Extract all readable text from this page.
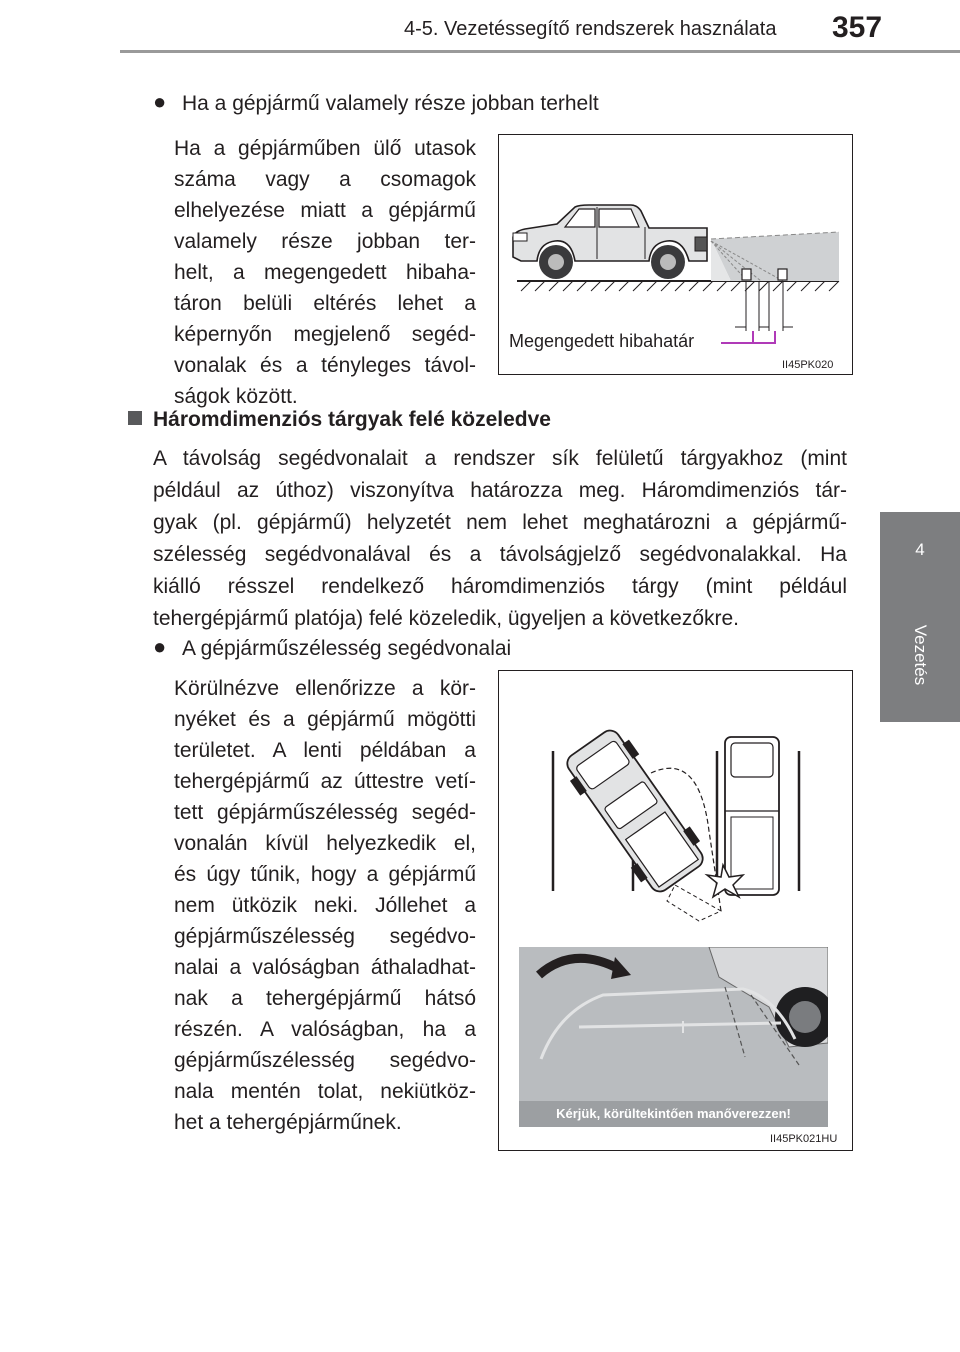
4-5. Vezetéssegítő rendszerek használata 357
4
Vezetés
● Ha a gépjármű valamely része jobban terhelt
Ha a gépjárműben ülő utasok
száma vagy a csomagok
elhelyezése miatt a gépjármű
valamely része jobban ter-
helt, a megengedett hibaha-
táron belüli eltérés lehet a
képernyőn megjelenő segéd-
vonalak és a tényleges távol-
ságok között.
Megengedett hibahatár
II45PK020
Háromdimenziós tárgyak felé közeledve
A távolság segédvonalait a rendszer sík felületű tárgyakhoz (mint
például az úthoz) viszonyítva határozza meg. Háromdimenziós tár-
gyak (pl. gépjármű) helyzetét nem lehet meghatározni a gépjármű-
szélesség segédvonalával és a távolságjelző segédvonalakkal. Ha
kiálló résszel rendelkező háromdimenziós tárgy (mint például
tehergépjármű platója) felé közeledik, ügyeljen a következőkre.
● A gépjárműszélesség segédvonalai
Körülnézve ellenőrizze a kör-
nyéket és a gépjármű mögötti
területet. A lenti példában a
tehergépjármű az úttestre vetí-
tett gépjárműszélesség segéd-
vonalán kívül helyezkedik el,
és úgy tűnik, hogy a gépjármű
nem ütközik neki. Jóllehet a
gépjárműszélesség segédvo-
nalai a valóságban áthaladhat-
nak a tehergépjármű hátsó
részén. A valóságban, ha a
gépjárműszélesség segédvo-
nala mentén tolat, nekiütköz-
het a tehergépjárműnek.	Kérjük, körültekintően manőverezzen!
II45PK021HU
